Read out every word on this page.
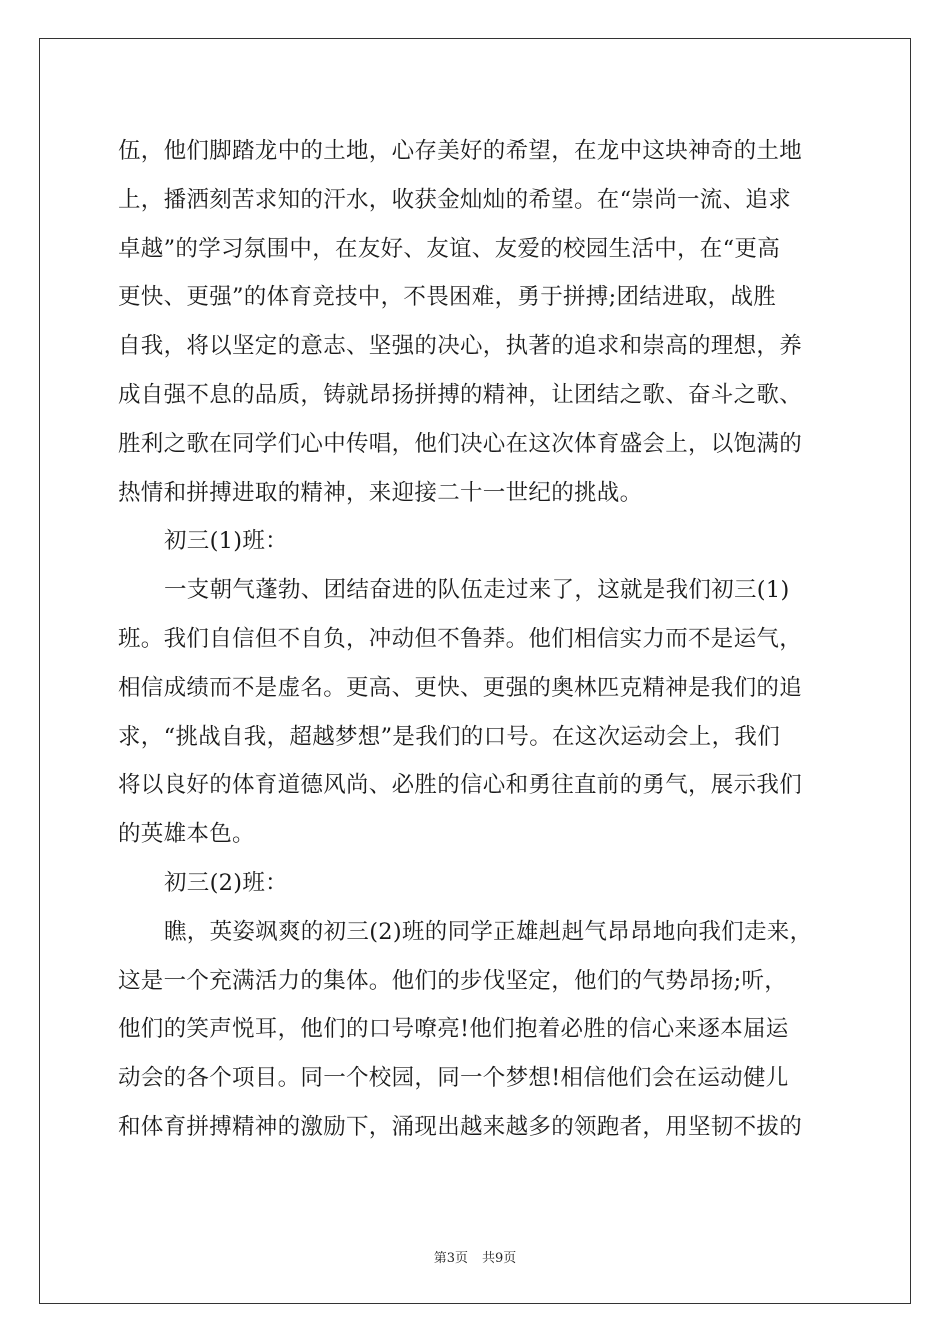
伍，他们脚踏龙中的土地，心存美好的希望，在龙中这块神奇的土地
上，播洒刻苦求知的汗水，收获金灿灿的希望。在“崇尚一流、追求
卓越”的学习氛围中，在友好、友谊、友爱的校园生活中，在“更高
更快、更强”的体育竞技中，不畏困难，勇于拼搏;团结进取，战胜
自我，将以坚定的意志、坚强的决心，执著的追求和崇高的理想，养
成自强不息的品质，铸就昂扬拼搏的精神，让团结之歌、奋斗之歌、
胜利之歌在同学们心中传唱，他们决心在这次体育盛会上，以饱满的
热情和拼搏进取的精神，来迎接二十一世纪的挑战。
初三(1)班：
一支朝气蓬勃、团结奋进的队伍走过来了，这就是我们初三(1)
班。我们自信但不自负，冲动但不鲁莽。他们相信实力而不是运气，
相信成绩而不是虚名。更高、更快、更强的奥林匹克精神是我们的追
求，“挑战自我，超越梦想”是我们的口号。在这次运动会上，我们
将以良好的体育道德风尚、必胜的信心和勇往直前的勇气，展示我们
的英雄本色。
初三(2)班：
瞧，英姿飒爽的初三(2)班的同学正雄赳赳气昂昂地向我们走来，
这是一个充满活力的集体。他们的步伐坚定，他们的气势昂扬;听，
他们的笑声悦耳，他们的口号嘹亮!他们抱着必胜的信心来逐本届运
动会的各个项目。同一个校园，同一个梦想!相信他们会在运动健儿
和体育拼搏精神的激励下，涌现出越来越多的领跑者，用坚韧不拔的
第3页 共9页
